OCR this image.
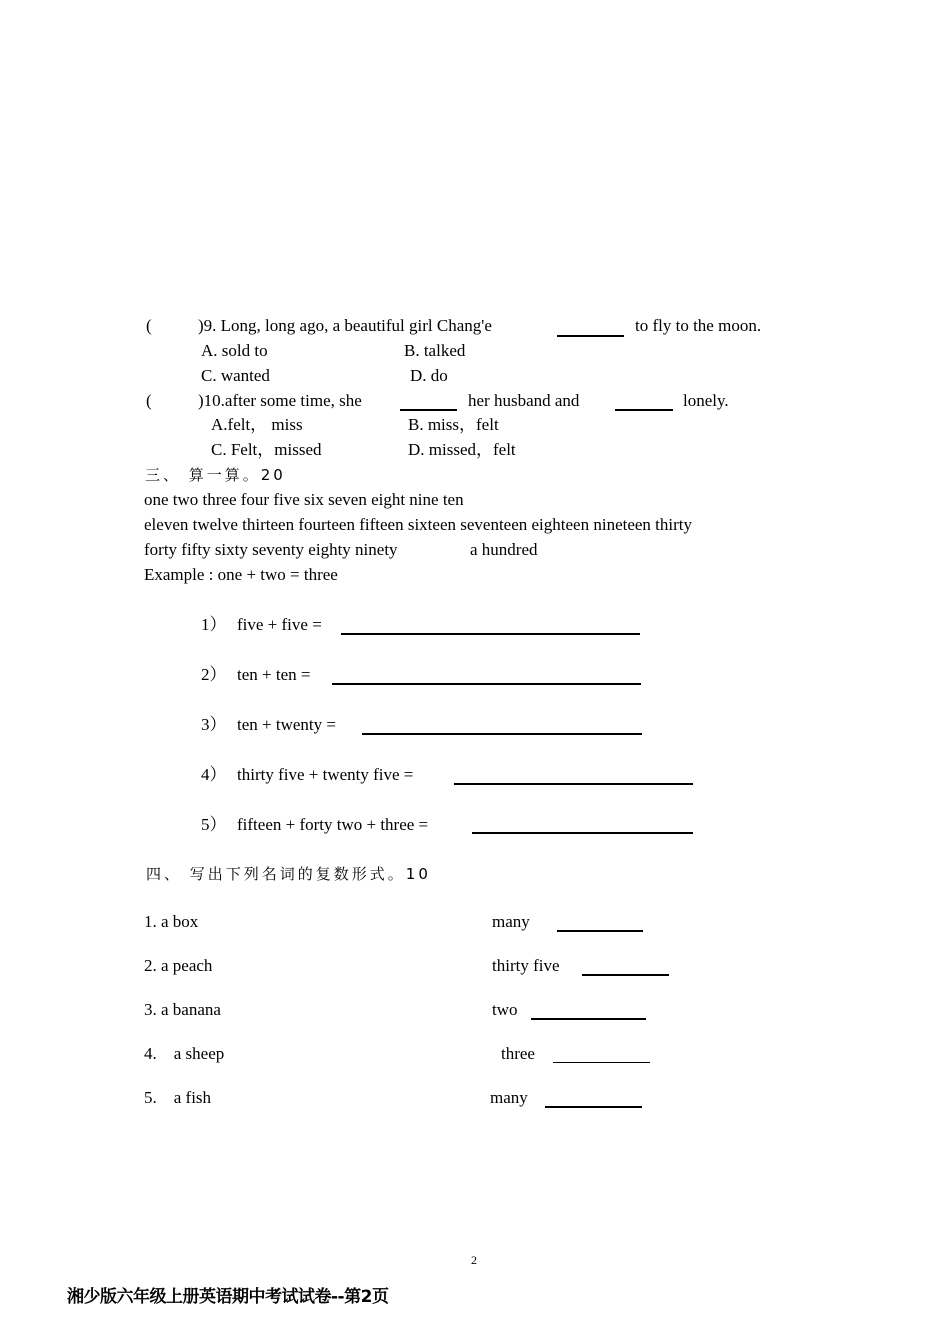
(	)9. Long, long ago, a beautiful girl Chang'e	to fly to the moon.
A. sold to	B. talked
C. wanted	D. do
(	)10.after some time, she	her husband and	lonely.
A.felt， miss	B. miss，felt
C. Felt，missed	D. missed，felt
三、 算一算。20
one two three four five six seven eight nine ten
eleven twelve thirteen fourteen fifteen sixteen seventeen eighteen nineteen thirty
forty fifty sixty seventy eighty ninety	a hundred
Example : one + two = three
1） five + five =
2） ten + ten =
3） ten + twenty =
4） thirty five + twenty five =
5） fifteen + forty two + three =
四、 写出下列名词的复数形式。10
1. a box	many
2. a peach	thirty five
3. a banana	two
4.    a sheep	three
5.    a fish	many
2
湘少版六年级上册英语期中考试试卷--第2页
